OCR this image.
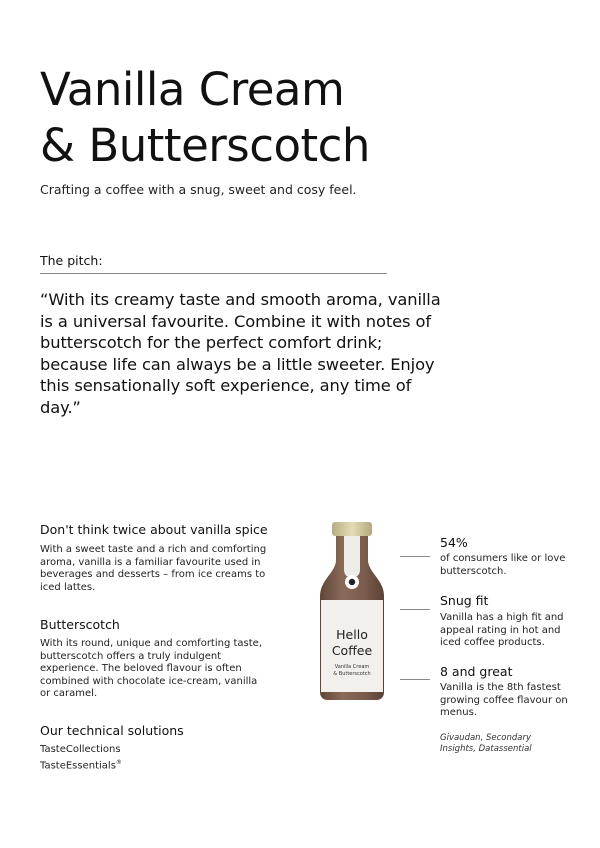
Vanilla Cream
& Butterscotch
Crafting a coffee with a snug, sweet and cosy feel.
The pitch:
“With its creamy taste and smooth aroma, vanilla is a universal favourite. Combine it with notes of butterscotch for the perfect comfort drink; because life can always be a little sweeter. Enjoy this sensationally soft experience, any time of day.”
Don't think twice about vanilla spice
With a sweet taste and a rich and comforting aroma, vanilla is a familiar favourite used in beverages and desserts – from ice creams to iced lattes.
Butterscotch
With its round, unique and comforting taste, butterscotch offers a truly indulgent experience. The beloved flavour is often combined with chocolate ice-cream, vanilla or caramel.
Our technical solutions
TasteCollections
TasteEssentials®
Hello
Coffee
Vanilla Cream
& Butterscotch
54%
of consumers like or love butterscotch.
Snug fit
Vanilla has a high fit and appeal rating in hot and iced coffee products.
8 and great
Vanilla is the 8th fastest growing coffee flavour on menus.
Givaudan, Secondary Insights, Datassential
